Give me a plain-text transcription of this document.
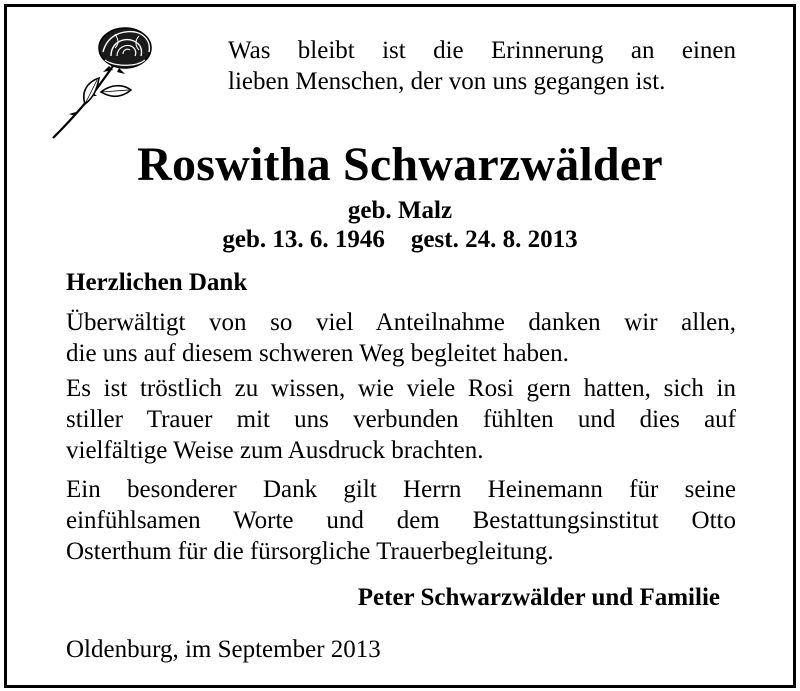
Was bleibt ist die Erinnerung an einen
lieben Menschen, der von uns gegangen ist.
Roswitha Schwarzwälder
geb. Malz
geb. 13. 6. 1946 gest. 24. 8. 2013
Herzlichen Dank
Überwältigt von so viel Anteilnahme danken wir allen,
die uns auf diesem schweren Weg begleitet haben.
Es ist tröstlich zu wissen, wie viele Rosi gern hatten, sich in
stiller Trauer mit uns verbunden fühlten und dies auf
vielfältige Weise zum Ausdruck brachten.
Ein besonderer Dank gilt Herrn Heinemann für seine
einfühlsamen Worte und dem Bestattungsinstitut Otto
Osterthum für die fürsorgliche Trauerbegleitung.
Peter Schwarzwälder und Familie
Oldenburg, im September 2013
